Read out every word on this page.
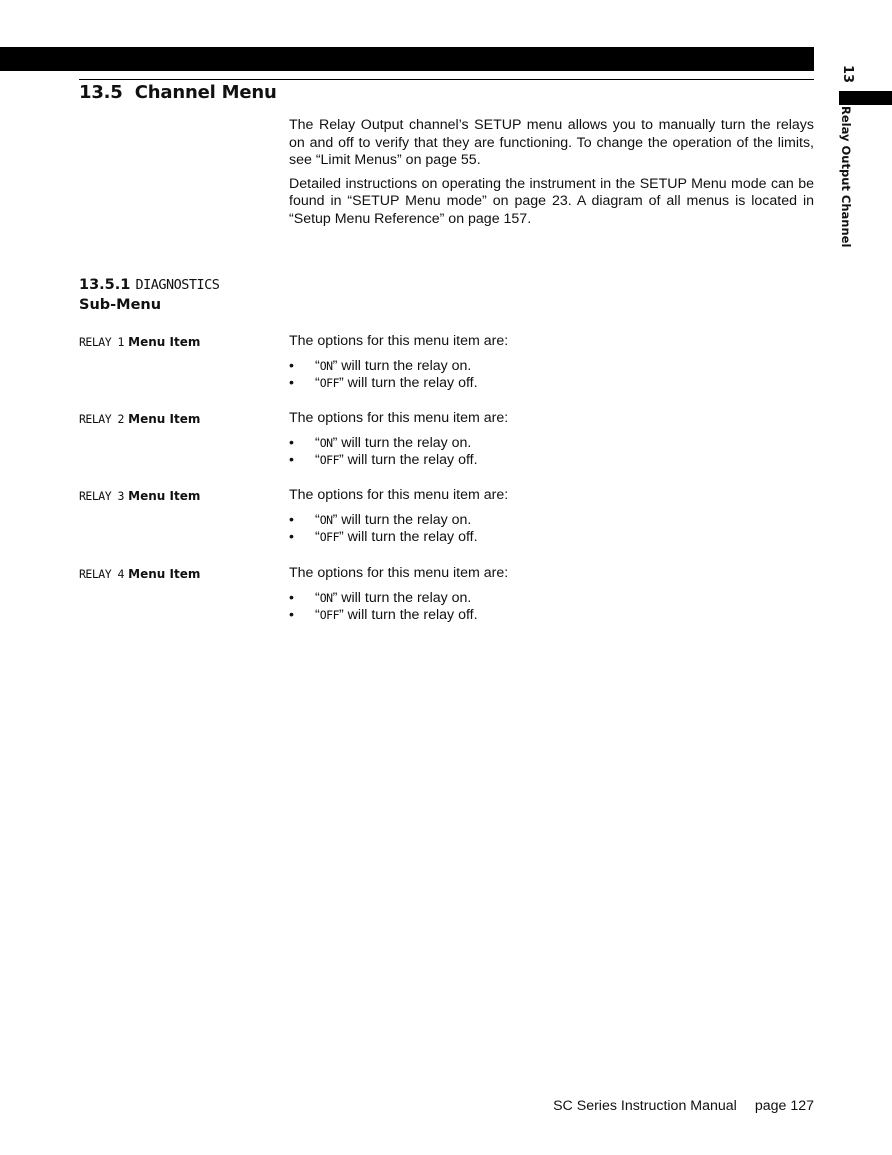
13
Relay Output Channel
13.5 Channel Menu

The Relay Output channel’s SETUP menu allows you to manually turn the relays on and off to verify that they are functioning. To change the operation of the limits, see “Limit Menus” on page 55.

Detailed instructions on operating the instrument in the SETUP Menu mode can be found in “SETUP Menu mode” on page 23. A diagram of all menus is located in “Setup Menu Reference” on page 157.

13.5.1 DIAGNOSTICS
Sub-Menu
RELAY 1 Menu Item	The options for this menu item are:

• “ON” will turn the relay on.
• “OFF” will turn the relay off.
RELAY 2 Menu Item	The options for this menu item are:

• “ON” will turn the relay on.
• “OFF” will turn the relay off.
RELAY 3 Menu Item	The options for this menu item are:

• “ON” will turn the relay on.
• “OFF” will turn the relay off.
RELAY 4 Menu Item	The options for this menu item are:

• “ON” will turn the relay on.
• “OFF” will turn the relay off.
SC Series Instruction Manual page 127
